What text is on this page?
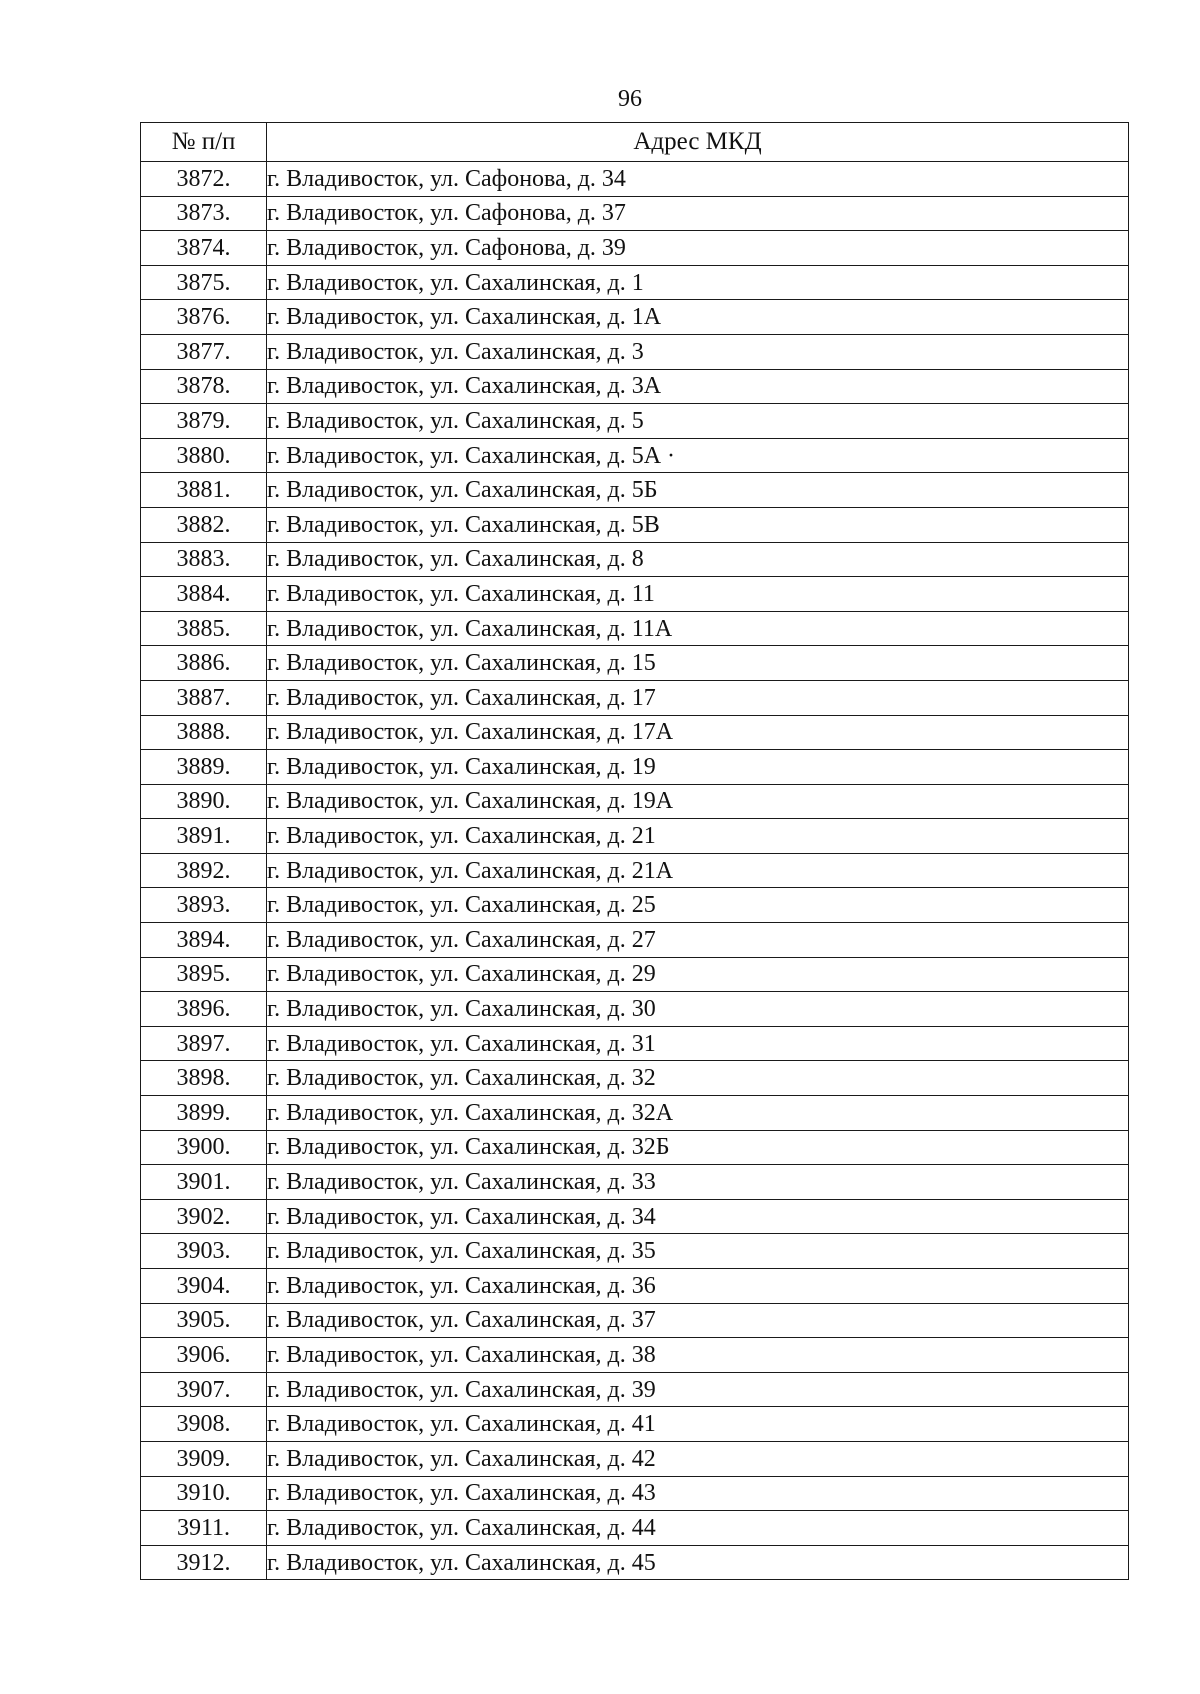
96
№ п/п	Адрес МКД
3872.	г. Владивосток, ул. Сафонова, д. 34
3873.	г. Владивосток, ул. Сафонова, д. 37
3874.	г. Владивосток, ул. Сафонова, д. 39
3875.	г. Владивосток, ул. Сахалинская, д. 1
3876.	г. Владивосток, ул. Сахалинская, д. 1А
3877.	г. Владивосток, ул. Сахалинская, д. 3
3878.	г. Владивосток, ул. Сахалинская, д. 3А
3879.	г. Владивосток, ул. Сахалинская, д. 5
3880.	г. Владивосток, ул. Сахалинская, д. 5А ·
3881.	г. Владивосток, ул. Сахалинская, д. 5Б
3882.	г. Владивосток, ул. Сахалинская, д. 5В
3883.	г. Владивосток, ул. Сахалинская, д. 8
3884.	г. Владивосток, ул. Сахалинская, д. 11
3885.	г. Владивосток, ул. Сахалинская, д. 11А
3886.	г. Владивосток, ул. Сахалинская, д. 15
3887.	г. Владивосток, ул. Сахалинская, д. 17
3888.	г. Владивосток, ул. Сахалинская, д. 17А
3889.	г. Владивосток, ул. Сахалинская, д. 19
3890.	г. Владивосток, ул. Сахалинская, д. 19А
3891.	г. Владивосток, ул. Сахалинская, д. 21
3892.	г. Владивосток, ул. Сахалинская, д. 21А
3893.	г. Владивосток, ул. Сахалинская, д. 25
3894.	г. Владивосток, ул. Сахалинская, д. 27
3895.	г. Владивосток, ул. Сахалинская, д. 29
3896.	г. Владивосток, ул. Сахалинская, д. 30
3897.	г. Владивосток, ул. Сахалинская, д. 31
3898.	г. Владивосток, ул. Сахалинская, д. 32
3899.	г. Владивосток, ул. Сахалинская, д. 32А
3900.	г. Владивосток, ул. Сахалинская, д. 32Б
3901.	г. Владивосток, ул. Сахалинская, д. 33
3902.	г. Владивосток, ул. Сахалинская, д. 34
3903.	г. Владивосток, ул. Сахалинская, д. 35
3904.	г. Владивосток, ул. Сахалинская, д. 36
3905.	г. Владивосток, ул. Сахалинская, д. 37
3906.	г. Владивосток, ул. Сахалинская, д. 38
3907.	г. Владивосток, ул. Сахалинская, д. 39
3908.	г. Владивосток, ул. Сахалинская, д. 41
3909.	г. Владивосток, ул. Сахалинская, д. 42
3910.	г. Владивосток, ул. Сахалинская, д. 43
3911.	г. Владивосток, ул. Сахалинская, д. 44
3912.	г. Владивосток, ул. Сахалинская, д. 45
